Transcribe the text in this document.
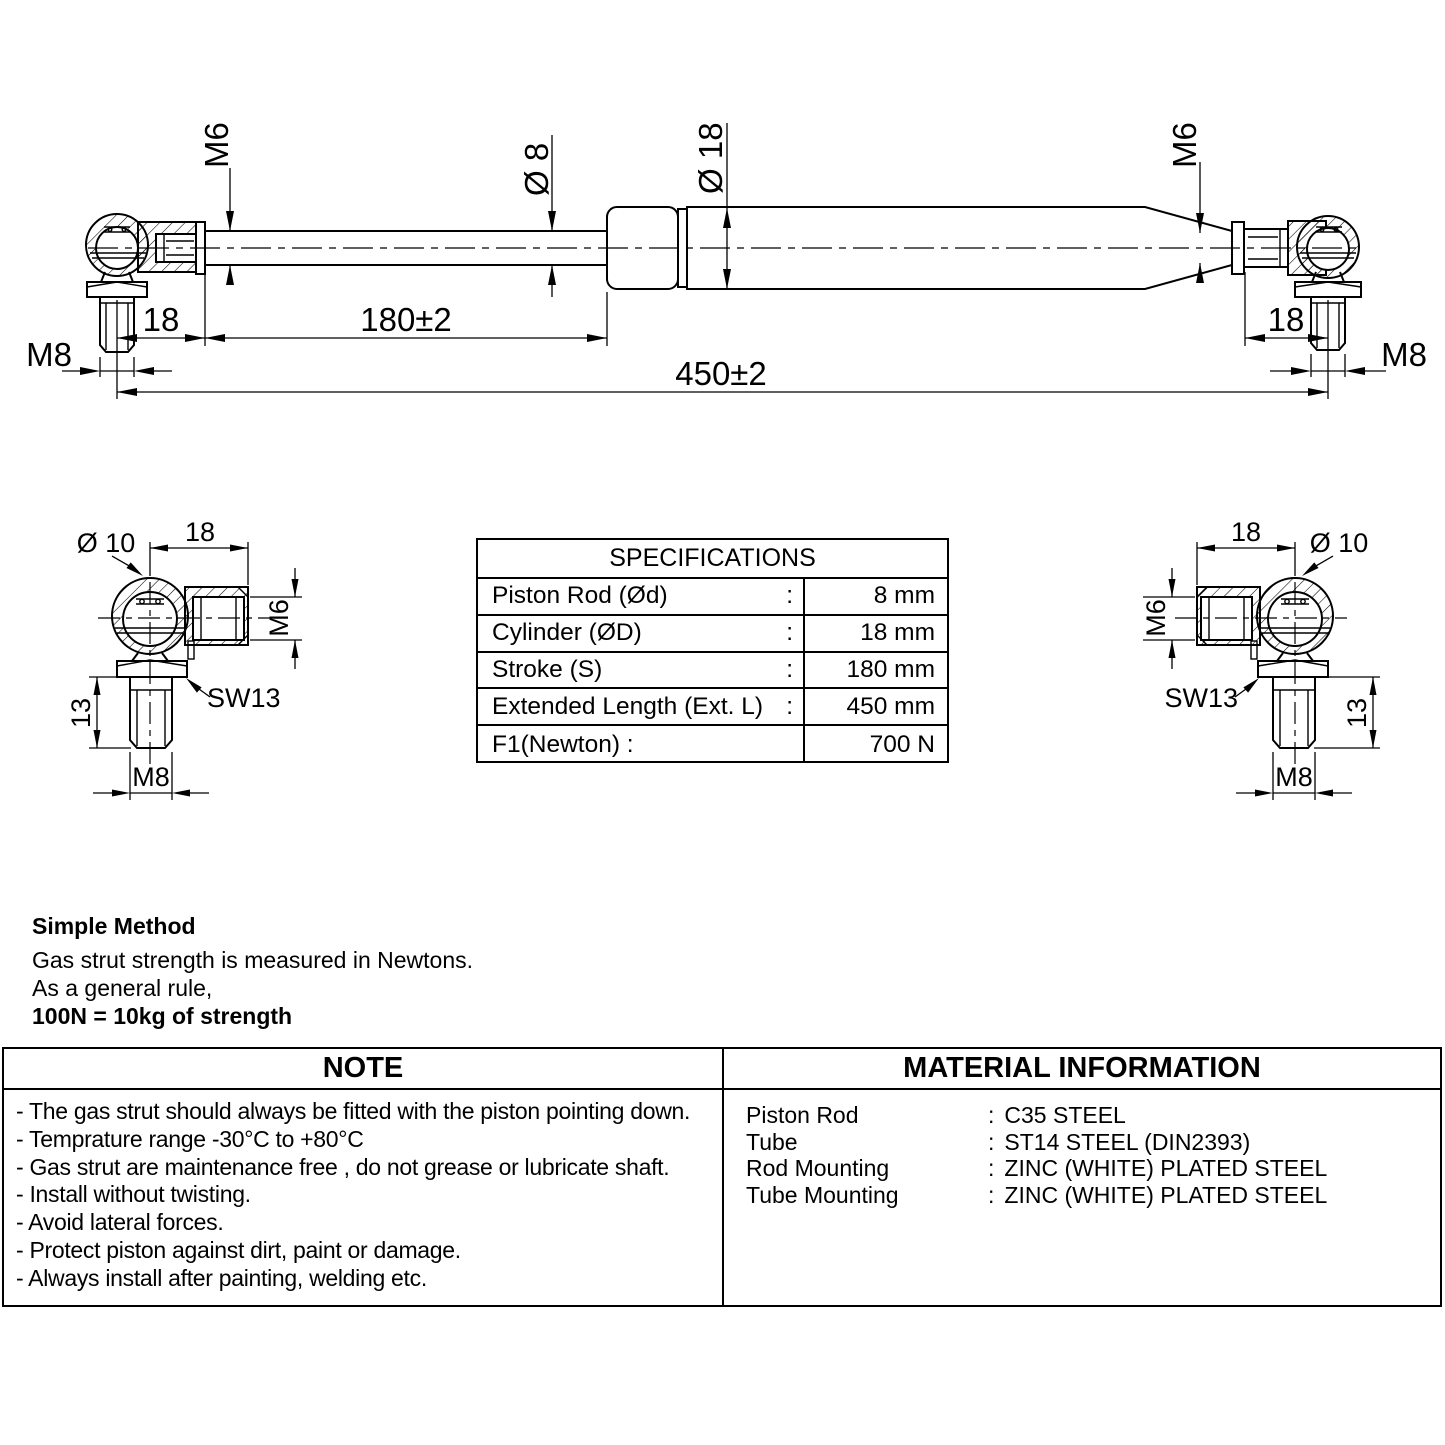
M6	Ø 8	Ø 18	M6
18	180±2
M8
450±2
18
M8
Ø 10 18
M6
SW13
13
M8
18 Ø 10
M6
SW13	13
M8
SPECIFICATIONS
Piston Rod (Ød)	:	8 mm
Cylinder (ØD)	:	18 mm
Stroke (S)	:	180 mm
Extended Length (Ext. L) :	450 mm
F1(Newton) :	700 N
Simple Method
Gas strut strength is measured in Newtons.
As a general rule,
100N = 10kg of strength
NOTE
- The gas strut should always be fitted with the piston pointing down.
- Temprature range -30°C to +80°C
- Gas strut are maintenance free , do not grease or lubricate shaft.
- Install without twisting.
- Avoid lateral forces.
- Protect piston against dirt, paint or damage.
- Always install after painting, welding etc.
MATERIAL INFORMATION
Piston Rod	: C35 STEEL
Tube	: ST14 STEEL (DIN2393)
Rod Mounting	: ZINC (WHITE) PLATED STEEL
Tube Mounting	: ZINC (WHITE) PLATED STEEL
